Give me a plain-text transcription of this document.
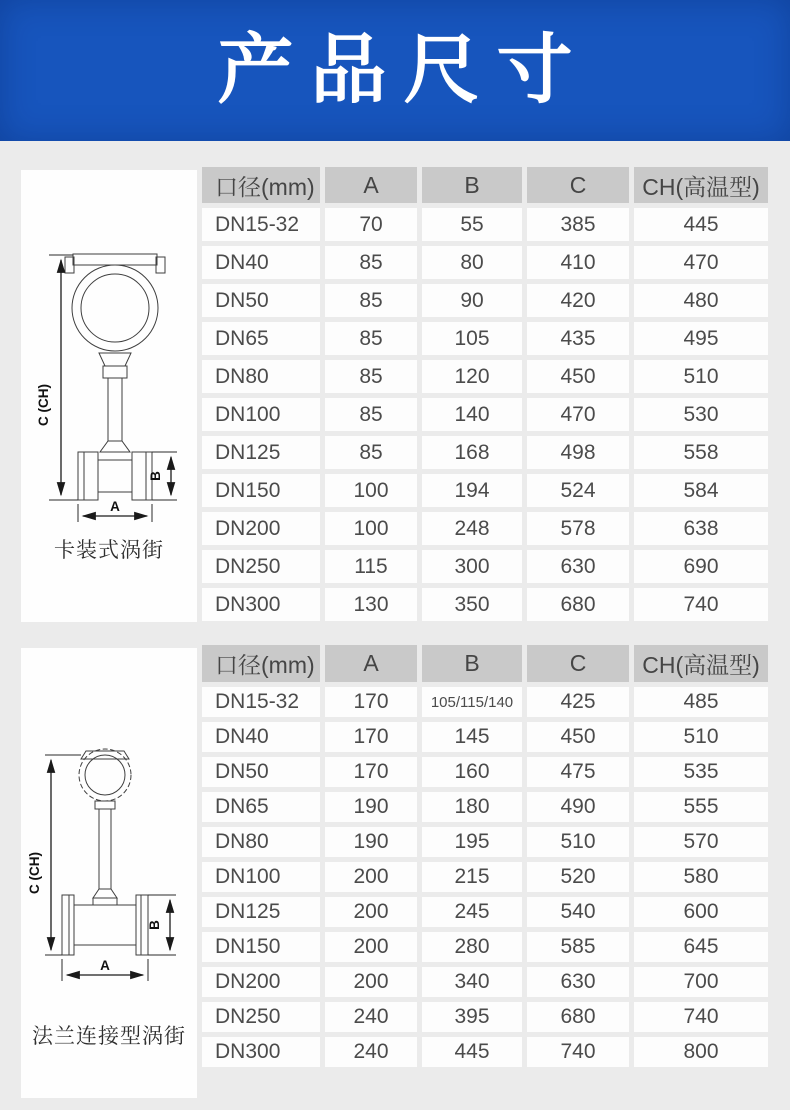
产品尺寸
C (CH)
B
A
卡装式涡街
口径(mm)	A	B	C	CH(高温型)
DN15-32	70	55	385	445
DN40	85	80	410	470
DN50	85	90	420	480
DN65	85	105	435	495
DN80	85	120	450	510
DN100	85	140	470	530
DN125	85	168	498	558
DN150	100	194	524	584
DN200	100	248	578	638
DN250	115	300	630	690
DN300	130	350	680	740
C (CH)
B
A
法兰连接型涡街
口径(mm)	A	B	C	CH(高温型)
DN15-32	170	105/115/140	425	485
DN40	170	145	450	510
DN50	170	160	475	535
DN65	190	180	490	555
DN80	190	195	510	570
DN100	200	215	520	580
DN125	200	245	540	600
DN150	200	280	585	645
DN200	200	340	630	700
DN250	240	395	680	740
DN300	240	445	740	800
